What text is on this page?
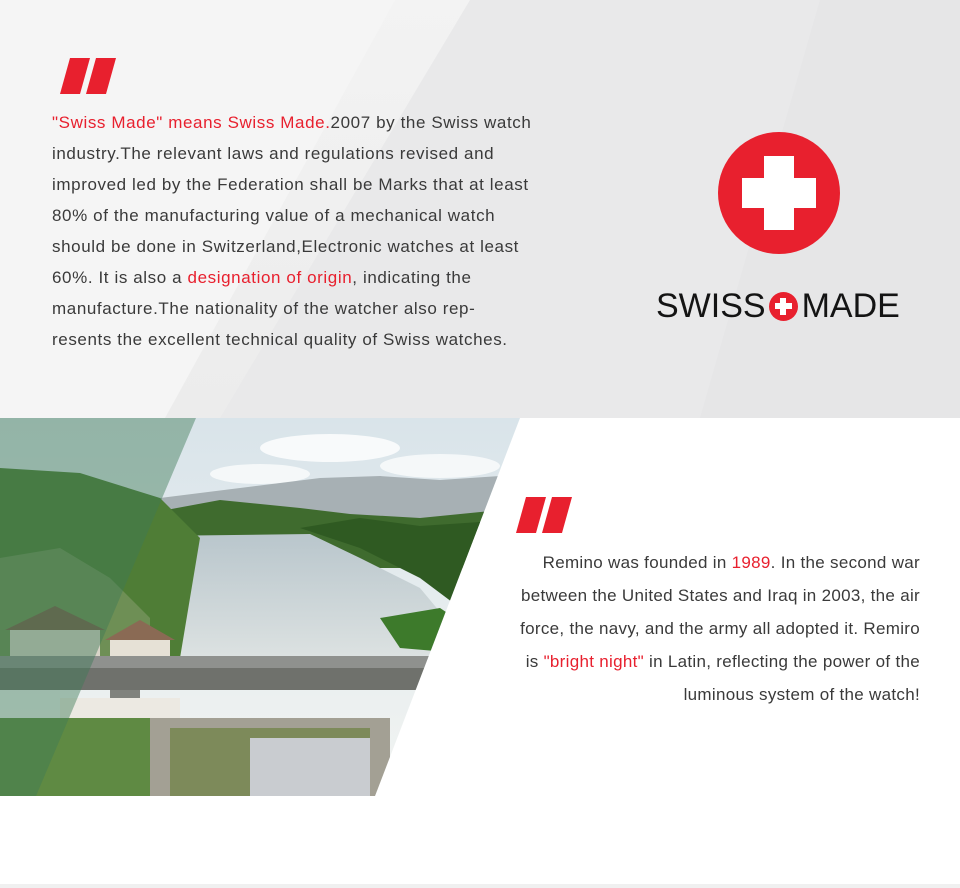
"Swiss Made" means Swiss Made.2007 by the Swiss watch
industry.The relevant laws and regulations revised and
improved led by the Federation shall be Marks that at least
80% of the manufacturing value of a mechanical watch
should be done in Switzerland,Electronic watches at least
60%. It is also a designation of origin, indicating the
manufacture.The nationality of the watcher also rep-
resents the excellent technical quality of Swiss watches.

SWISS MADE

Remino was founded in 1989. In the second war
between the United States and Iraq in 2003, the air
force, the navy, and the army all adopted it. Remiro
is "bright night" in Latin, reflecting the power of the
luminous system of the watch!
